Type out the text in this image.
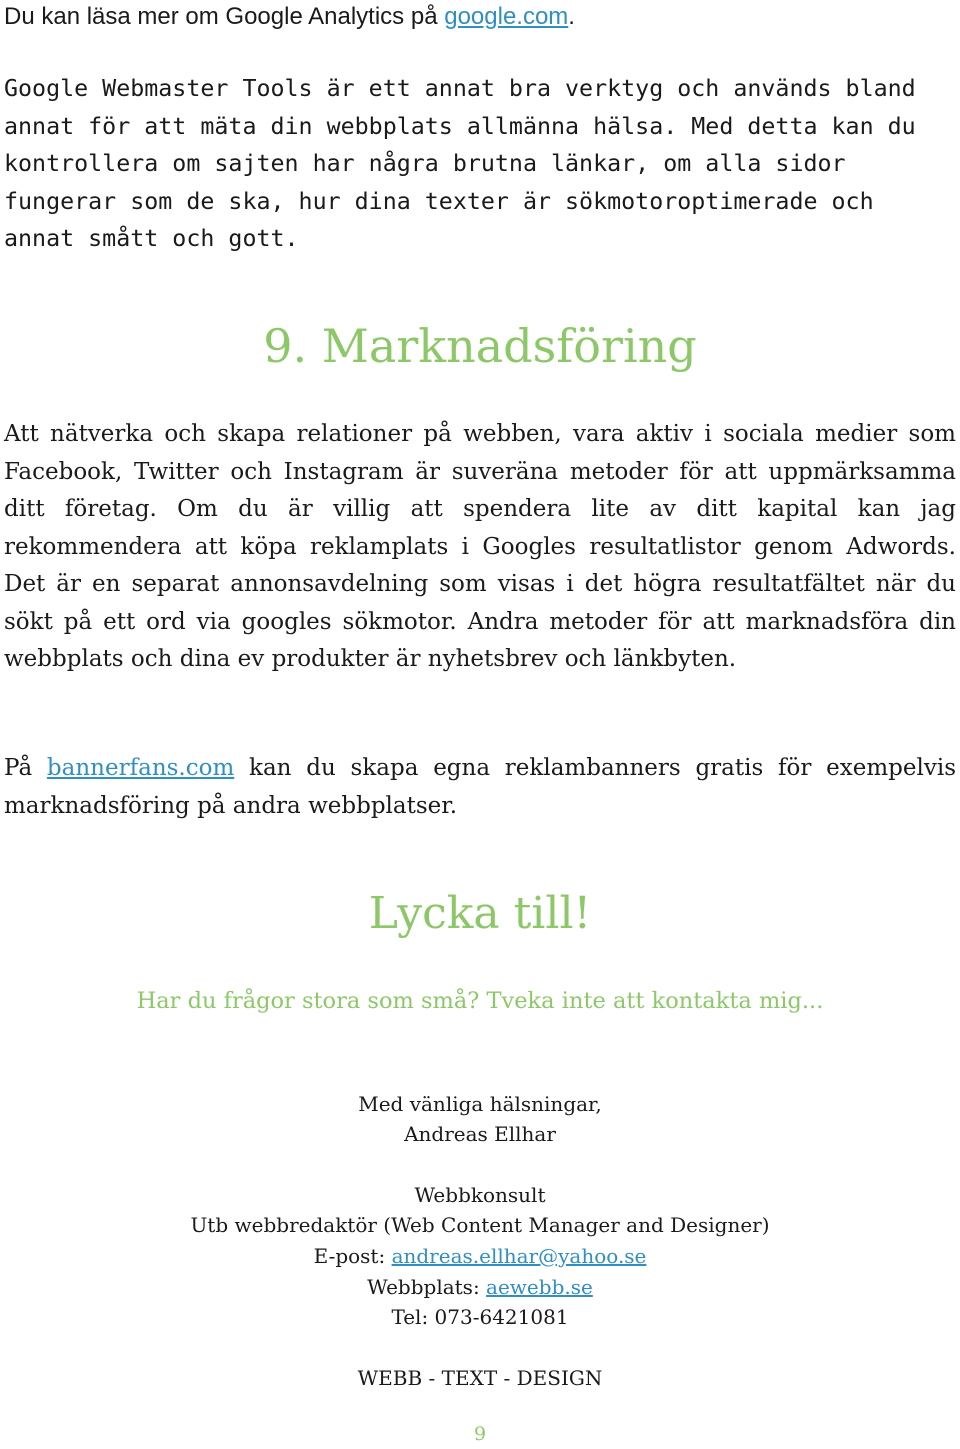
Du kan läsa mer om Google Analytics på google.com.

Google Webmaster Tools är ett annat bra verktyg och används bland annat för att mäta din webbplats allmänna hälsa. Med detta kan du kontrollera om sajten har några brutna länkar, om alla sidor fungerar som de ska, hur dina texter är sökmotoroptimerade och annat smått och gott.

9. Marknadsföring

Att nätverka och skapa relationer på webben, vara aktiv i sociala medier som Facebook, Twitter och Instagram är suveräna metoder för att uppmärksamma ditt företag. Om du är villig att spendera lite av ditt kapital kan jag rekommendera att köpa reklamplats i Googles resultatlistor genom Adwords. Det är en separat annonsavdelning som visas i det högra resultatfältet när du sökt på ett ord via googles sökmotor. Andra metoder för att marknadsföra din webbplats och dina ev produkter är nyhetsbrev och länkbyten.

På bannerfans.com kan du skapa egna reklambanners gratis för exempelvis marknadsföring på andra webbplatser.

Lycka till!
Har du frågor stora som små? Tveka inte att kontakta mig...
Med vänliga hälsningar,
Andreas Ellhar
Webbkonsult
Utb webbredaktör (Web Content Manager and Designer)
E-post: andreas.ellhar@yahoo.se
Webbplats: aewebb.se
Tel: 073-6421081
WEBB - TEXT - DESIGN
9
